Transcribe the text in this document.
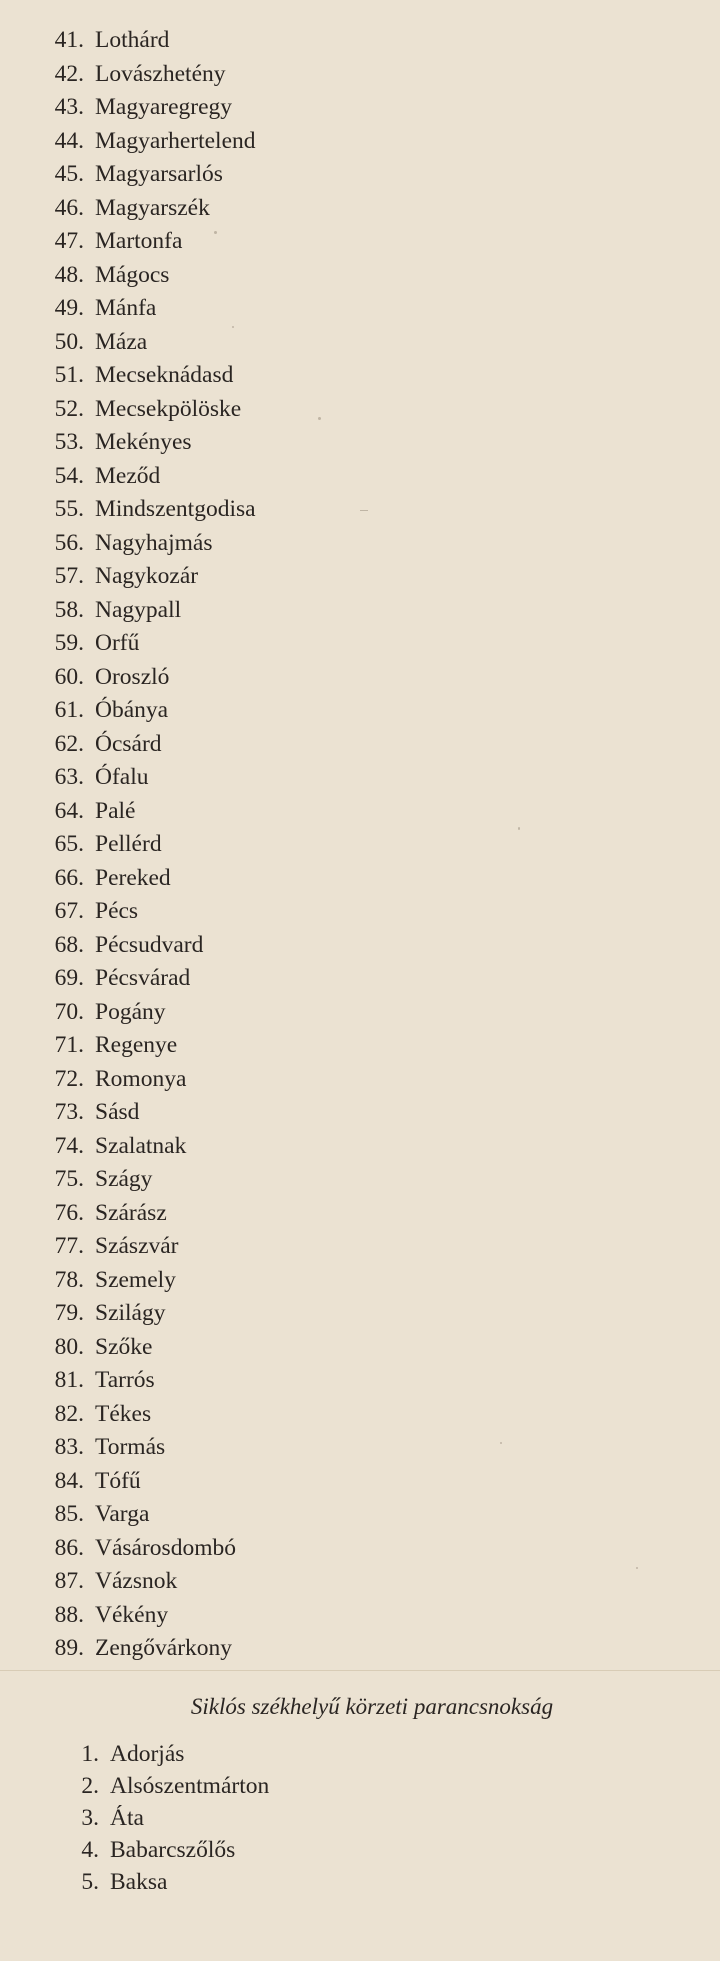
41. Lothárd
42. Lovászhetény
43. Magyaregregy
44. Magyarhertelend
45. Magyarsarlós
46. Magyarszék
47. Martonfa
48. Mágocs
49. Mánfa
50. Máza
51. Mecseknádasd
52. Mecsekpölöske
53. Mekényes
54. Meződ
55. Mindszentgodisa
56. Nagyhajmás
57. Nagykozár
58. Nagypall
59. Orfű
60. Oroszló
61. Óbánya
62. Ócsárd
63. Ófalu
64. Palé
65. Pellérd
66. Pereked
67. Pécs
68. Pécsudvard
69. Pécsvárad
70. Pogány
71. Regenye
72. Romonya
73. Sásd
74. Szalatnak
75. Szágy
76. Szárász
77. Szászvár
78. Szemely
79. Szilágy
80. Szőke
81. Tarrós
82. Tékes
83. Tormás
84. Tófű
85. Varga
86. Vásárosdombó
87. Vázsnok
88. Vékény
89. Zengővárkony
Siklós székhelyű körzeti parancsnokság
1. Adorjás
2. Alsószentmárton
3. Áta
4. Babarcszőlős
5. Baksa
